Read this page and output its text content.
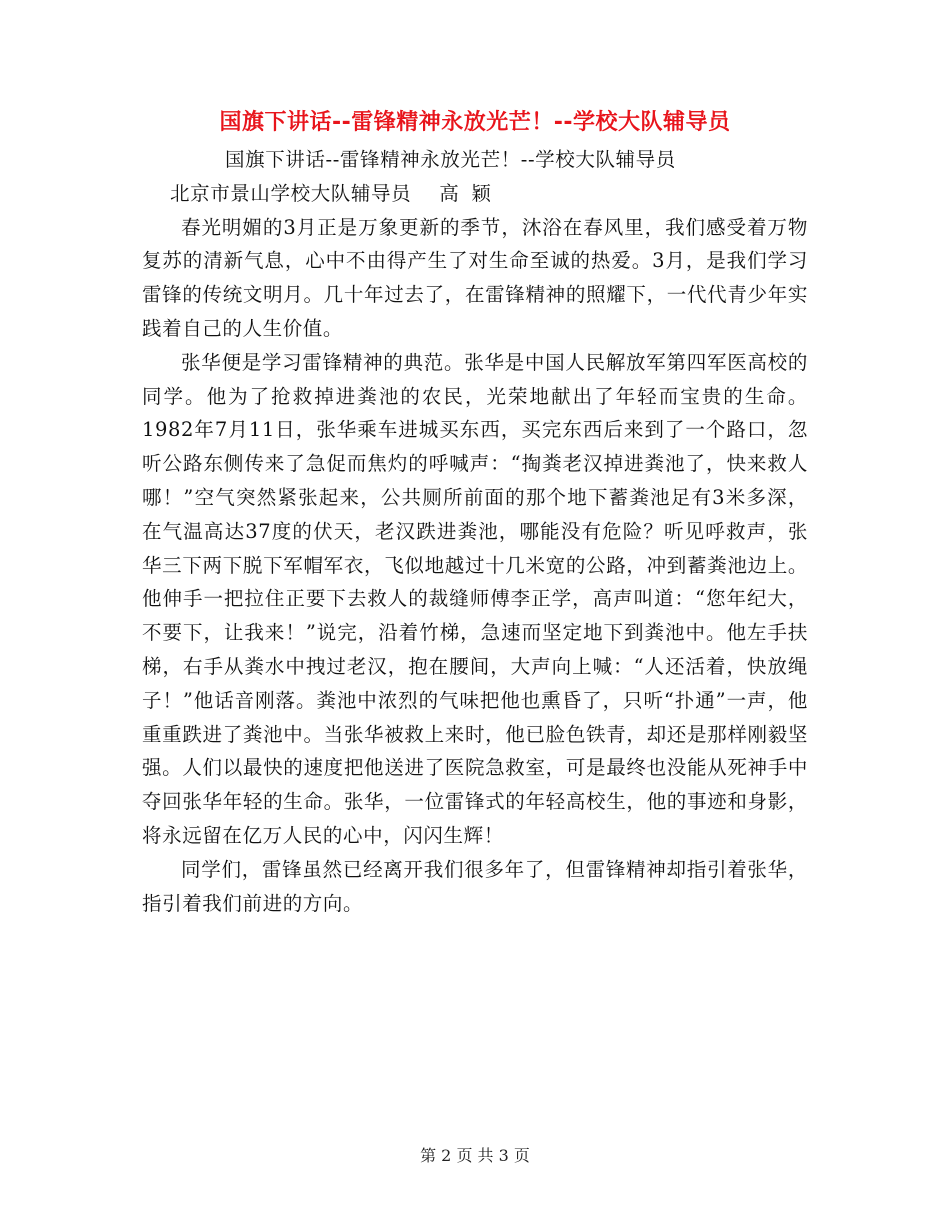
国旗下讲话--雷锋精神永放光芒！--学校大队辅导员

国旗下讲话--雷锋精神永放光芒！--学校大队辅导员

北京市景山学校大队辅导员 高 颖

春光明媚的3月正是万象更新的季节，沐浴在春风里，我们感受着万物复苏的清新气息，心中不由得产生了对生命至诚的热爱。3月，是我们学习雷锋的传统文明月。几十年过去了，在雷锋精神的照耀下，一代代青少年实践着自己的人生价值。

张华便是学习雷锋精神的典范。张华是中国人民解放军第四军医高校的同学。他为了抢救掉进粪池的农民，光荣地献出了年轻而宝贵的生命。1982年7月11日，张华乘车进城买东西，买完东西后来到了一个路口，忽听公路东侧传来了急促而焦灼的呼喊声：“掏粪老汉掉进粪池了，快来救人哪！”空气突然紧张起来，公共厕所前面的那个地下蓄粪池足有3米多深，在气温高达37度的伏天，老汉跌进粪池，哪能没有危险？听见呼救声，张华三下两下脱下军帽军衣，飞似地越过十几米宽的公路，冲到蓄粪池边上。他伸手一把拉住正要下去救人的裁缝师傅李正学，高声叫道：“您年纪大，不要下，让我来！”说完，沿着竹梯，急速而坚定地下到粪池中。他左手扶梯，右手从粪水中拽过老汉，抱在腰间，大声向上喊：“人还活着，快放绳子！”他话音刚落。粪池中浓烈的气味把他也熏昏了，只听“扑通”一声，他重重跌进了粪池中。当张华被救上来时，他已脸色铁青，却还是那样刚毅坚强。人们以最快的速度把他送进了医院急救室，可是最终也没能从死神手中夺回张华年轻的生命。张华，一位雷锋式的年轻高校生，他的事迹和身影，将永远留在亿万人民的心中，闪闪生辉！

同学们，雷锋虽然已经离开我们很多年了，但雷锋精神却指引着张华，指引着我们前进的方向。

第 2 页 共 3 页
